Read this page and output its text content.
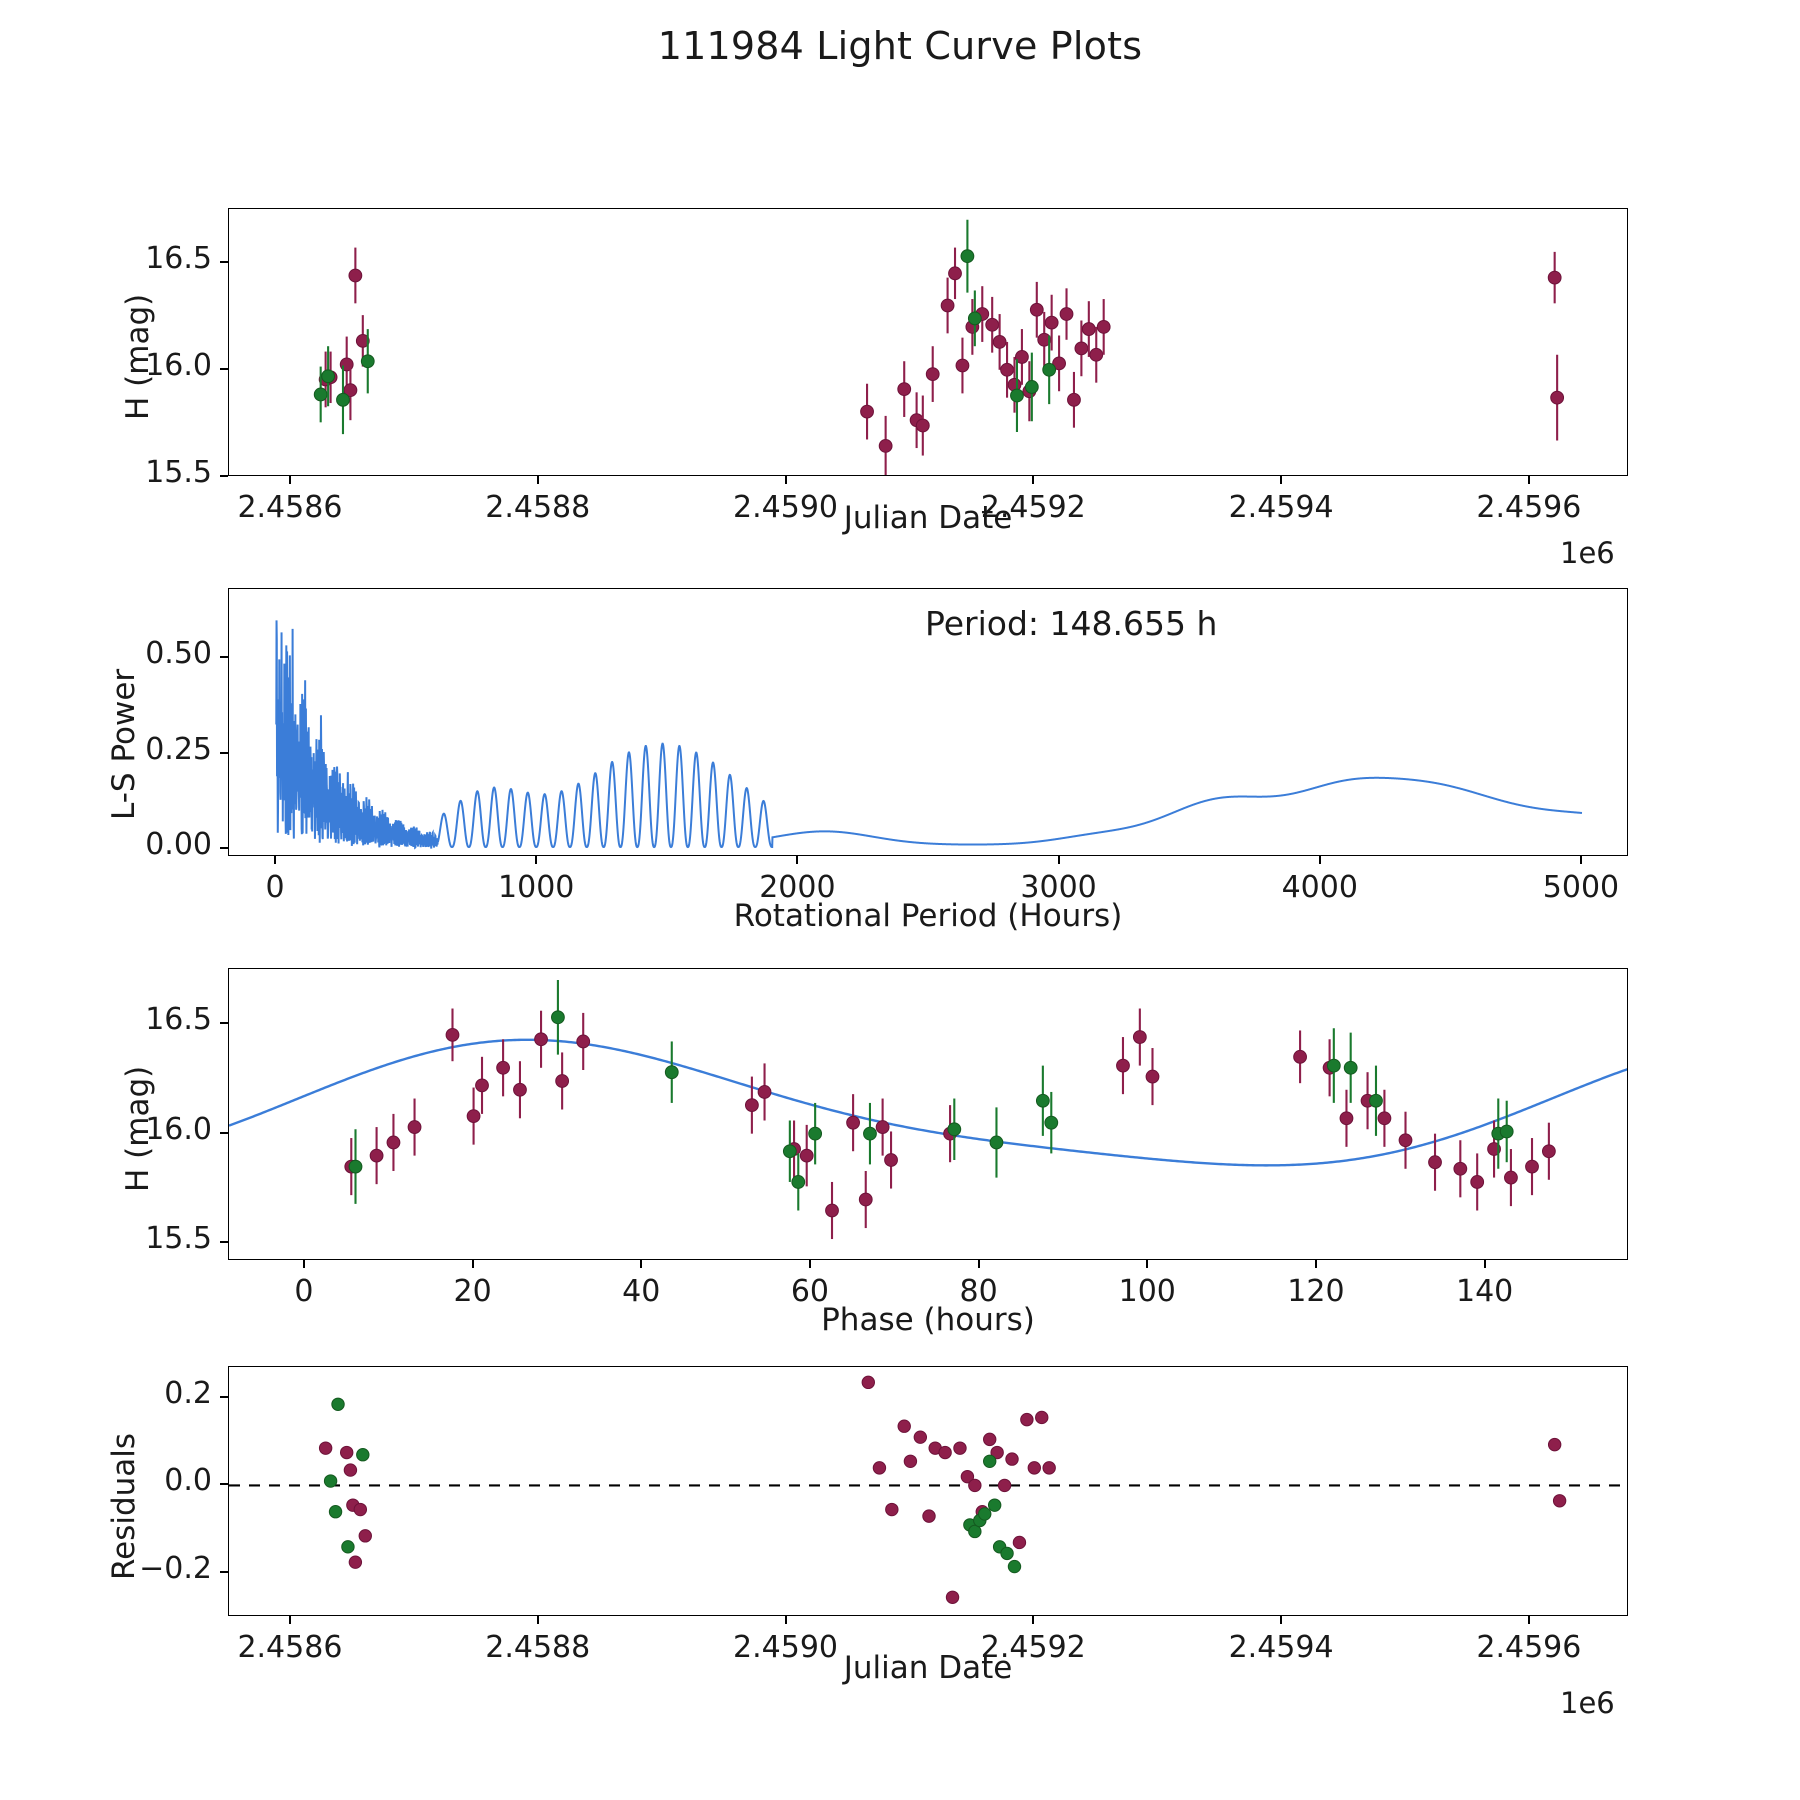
111984 Light Curve Plots
H (mag)
Julian Date
1e6
2.4586	2.4588	2.4590	2.4592	2.4594	2.4596
15.5
16.0
16.5
Period: 148.655 h
L-S Power
Rotational Period (Hours)
0	1000	2000	3000	4000	5000
0.00
0.25
0.50
H (mag)
Phase (hours)
0	20	40	60	80	100	120	140
15.5
16.0
16.5
Residuals
Julian Date
1e6
2.4586	2.4588	2.4590	2.4592	2.4594	2.4596
−0.2
0.0
0.2
